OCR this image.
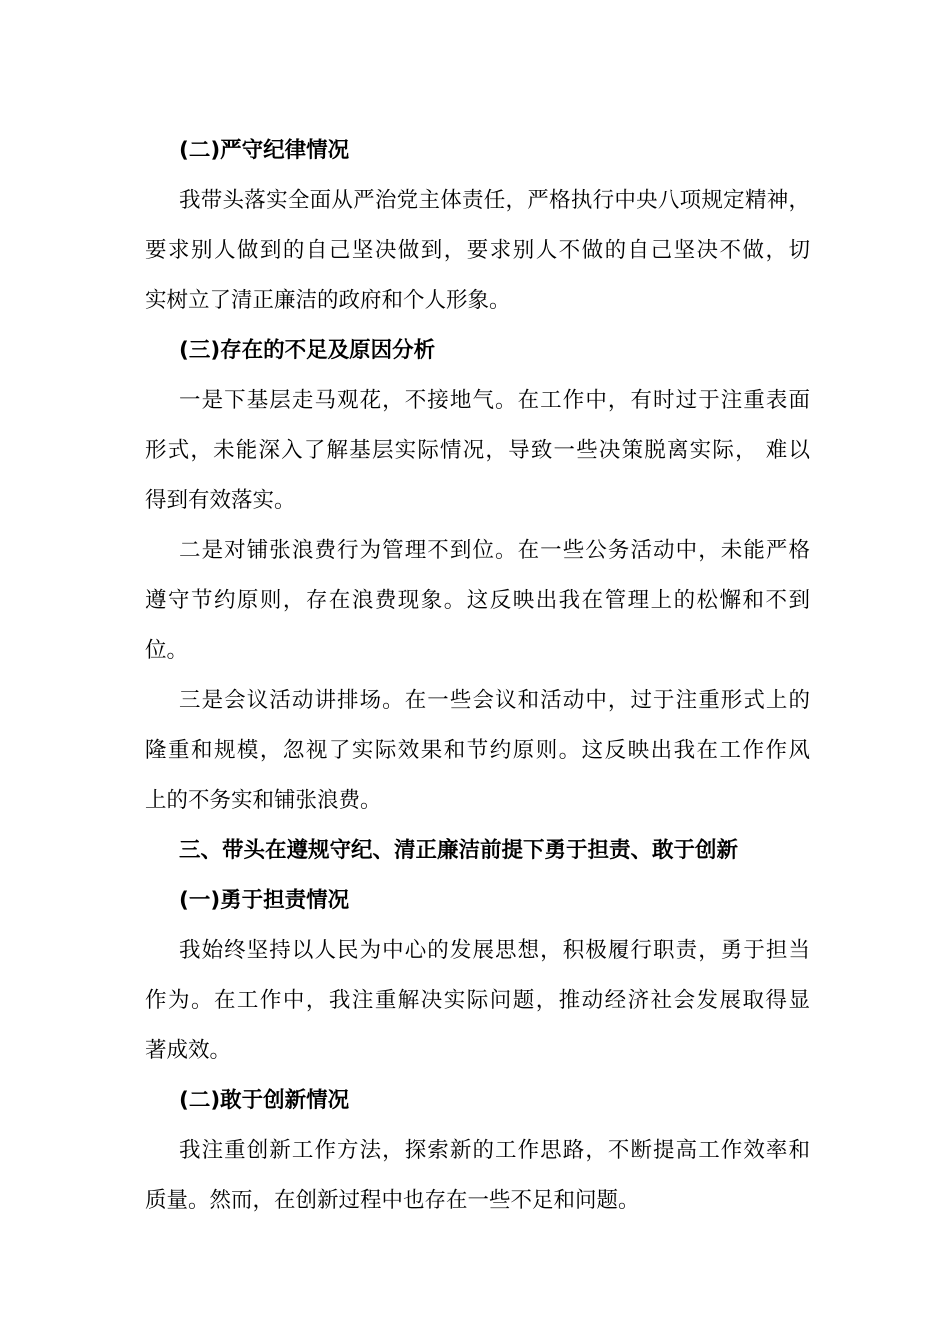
(二)严守纪律情况
我带头落实全面从严治党主体责任，严格执行中央八项规定精神，
要求别人做到的自己坚决做到，要求别人不做的自己坚决不做，切
实树立了清正廉洁的政府和个人形象。
(三)存在的不足及原因分析
一是下基层走马观花，不接地气。在工作中，有时过于注重表面
形式，未能深入了解基层实际情况，导致一些决策脱离实际， 难以
得到有效落实。
二是对铺张浪费行为管理不到位。在一些公务活动中，未能严格
遵守节约原则，存在浪费现象。这反映出我在管理上的松懈和不到
位。
三是会议活动讲排场。在一些会议和活动中，过于注重形式上的
隆重和规模，忽视了实际效果和节约原则。这反映出我在工作作风
上的不务实和铺张浪费。
三、带头在遵规守纪、清正廉洁前提下勇于担责、敢于创新
(一)勇于担责情况
我始终坚持以人民为中心的发展思想，积极履行职责，勇于担当
作为。在工作中，我注重解决实际问题，推动经济社会发展取得显
著成效。
(二)敢于创新情况
我注重创新工作方法，探索新的工作思路，不断提高工作效率和
质量。然而，在创新过程中也存在一些不足和问题。
